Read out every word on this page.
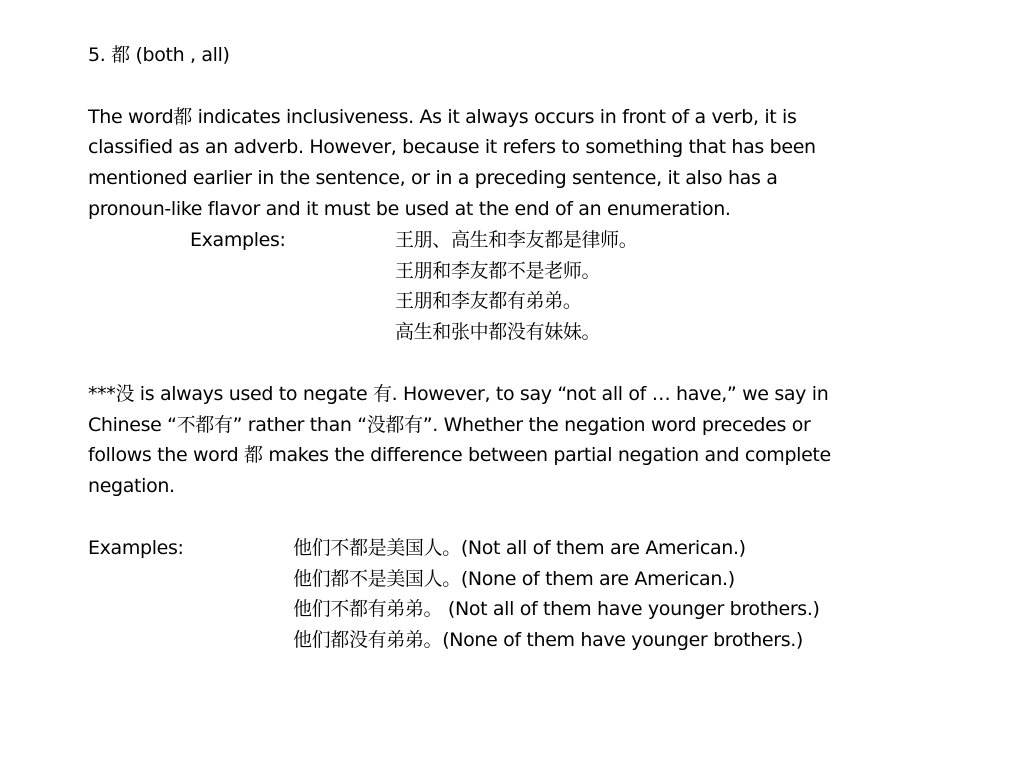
5. 都 (both , all)
The word都 indicates inclusiveness. As it always occurs in front of a verb, it is
classified as an adverb. However, because it refers to something that has been
mentioned earlier in the sentence, or in a preceding sentence, it also has a
pronoun-like flavor and it must be used at the end of an enumeration.
Examples:	王朋、高生和李友都是律师。
王朋和李友都不是老师。
王朋和李友都有弟弟。
高生和张中都没有妹妹。
***没 is always used to negate 有. However, to say “not all of … have,” we say in
Chinese “不都有” rather than “没都有”. Whether the negation word precedes or
follows the word 都 makes the difference between partial negation and complete
negation.
Examples:	他们不都是美国人。(Not all of them are American.)
他们都不是美国人。(None of them are American.)
他们不都有弟弟。 (Not all of them have younger brothers.)
他们都没有弟弟。(None of them have younger brothers.)
